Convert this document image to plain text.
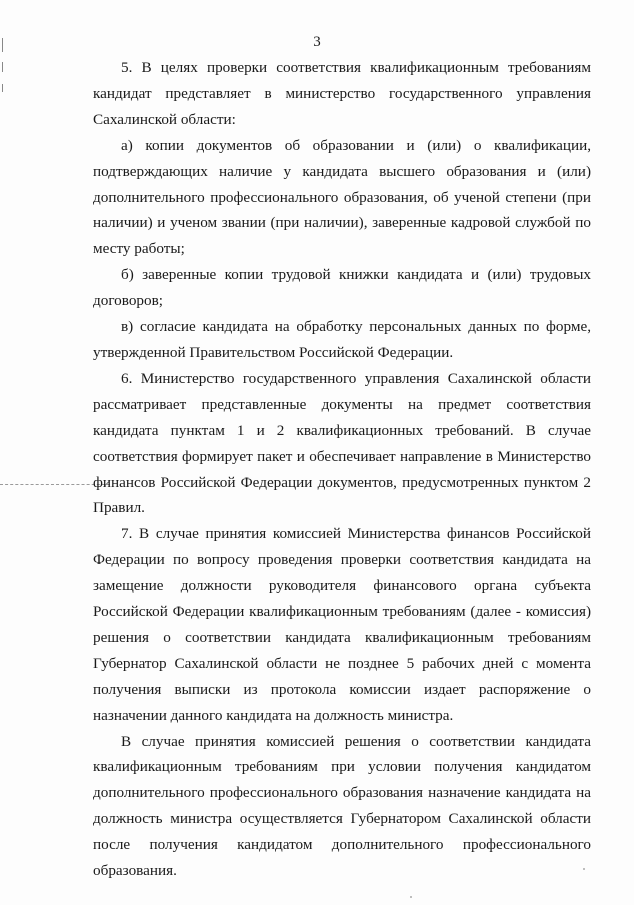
3

5. В целях проверки соответствия квалификационным требованиям кандидат представляет в министерство государственного управления Сахалинской области:

а) копии документов об образовании и (или) о квалификации, подтверждающих наличие у кандидата высшего образования и (или) дополнительного профессионального образования, об ученой степени (при наличии) и ученом звании (при наличии), заверенные кадровой службой по месту работы;

б) заверенные копии трудовой книжки кандидата и (или) трудовых договоров;

в) согласие кандидата на обработку персональных данных по форме, утвержденной Правительством Российской Федерации.

6. Министерство государственного управления Сахалинской области рассматривает представленные документы на предмет соответствия кандидата пунктам 1 и 2 квалификационных требований. В случае соответствия формирует пакет и обеспечивает направление в Министерство финансов Российской Федерации документов, предусмотренных пунктом 2 Правил.

7. В случае принятия комиссией Министерства финансов Российской Федерации по вопросу проведения проверки соответствия кандидата на замещение должности руководителя финансового органа субъекта Российской Федерации квалификационным требованиям (далее - комиссия) решения о соответствии кандидата квалификационным требованиям Губернатор Сахалинской области не позднее 5 рабочих дней с момента получения выписки из протокола комиссии издает распоряжение о назначении данного кандидата на должность министра.

В случае принятия комиссией решения о соответствии кандидата квалификационным требованиям при условии получения кандидатом дополнительного профессионального образования назначение кандидата на должность министра осуществляется Губернатором Сахалинской области после получения кандидатом дополнительного профессионального образования.
